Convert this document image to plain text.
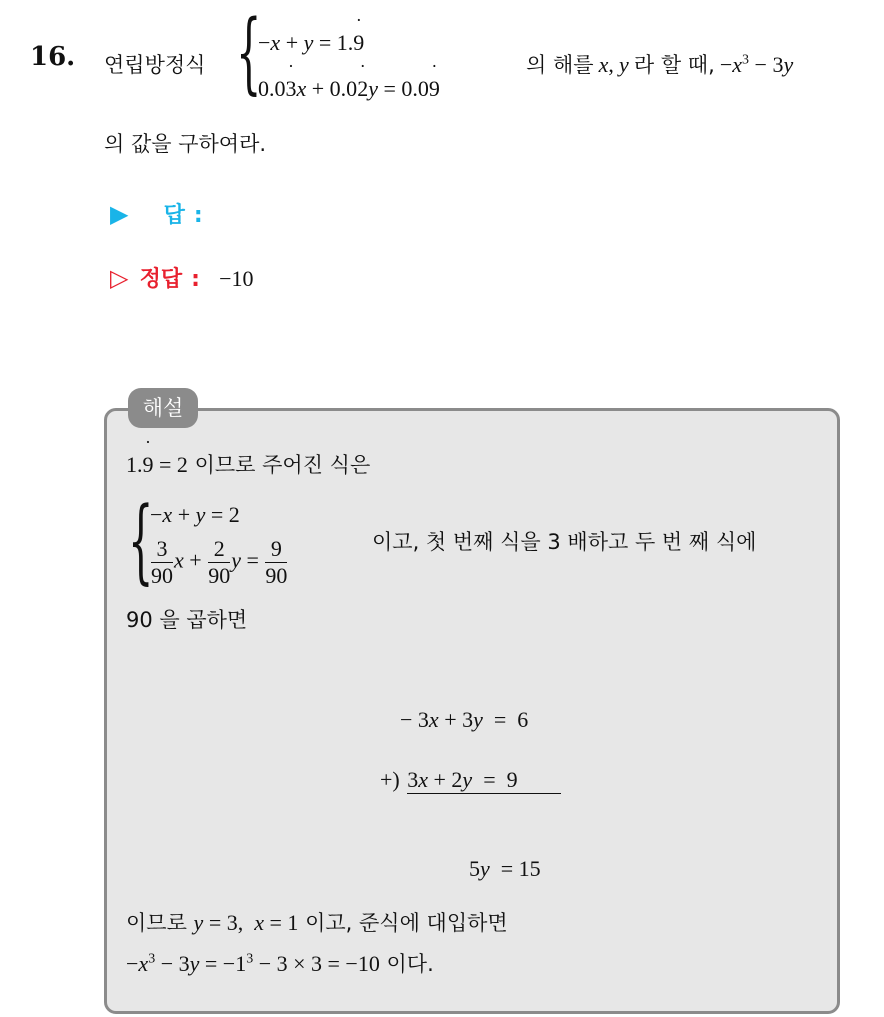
16. 연립방정식 {
−x + y = 1.˙ 9
0.0˙ 3x + 0.0˙ 2y = 0.0˙ 9
의 해를 x, y 라 할 때, $-x^3 - 3y$
의 값을 구하여라.
▶ 답 :
▷ 정답 : −10
해설
1.˙ 9 = 2 이므로 주어진 식은
{
−x + y = 2
$\frac{3}{90}$ $x + \frac{2}{90}$ $y = \frac{9}{90}$	이고, 첫 번째 식을 3 배하고 두 번 째 식에
90 을 곱하면
− 3x + 3y  =  6
+) 3x + 2y  =  9

5y  = 15

이므로 y = 3,  x = 1 이고, 준식에 대입하면
$-x^3 - 3y = -1^3 - 3 \times 3 = -10$ 이다.
